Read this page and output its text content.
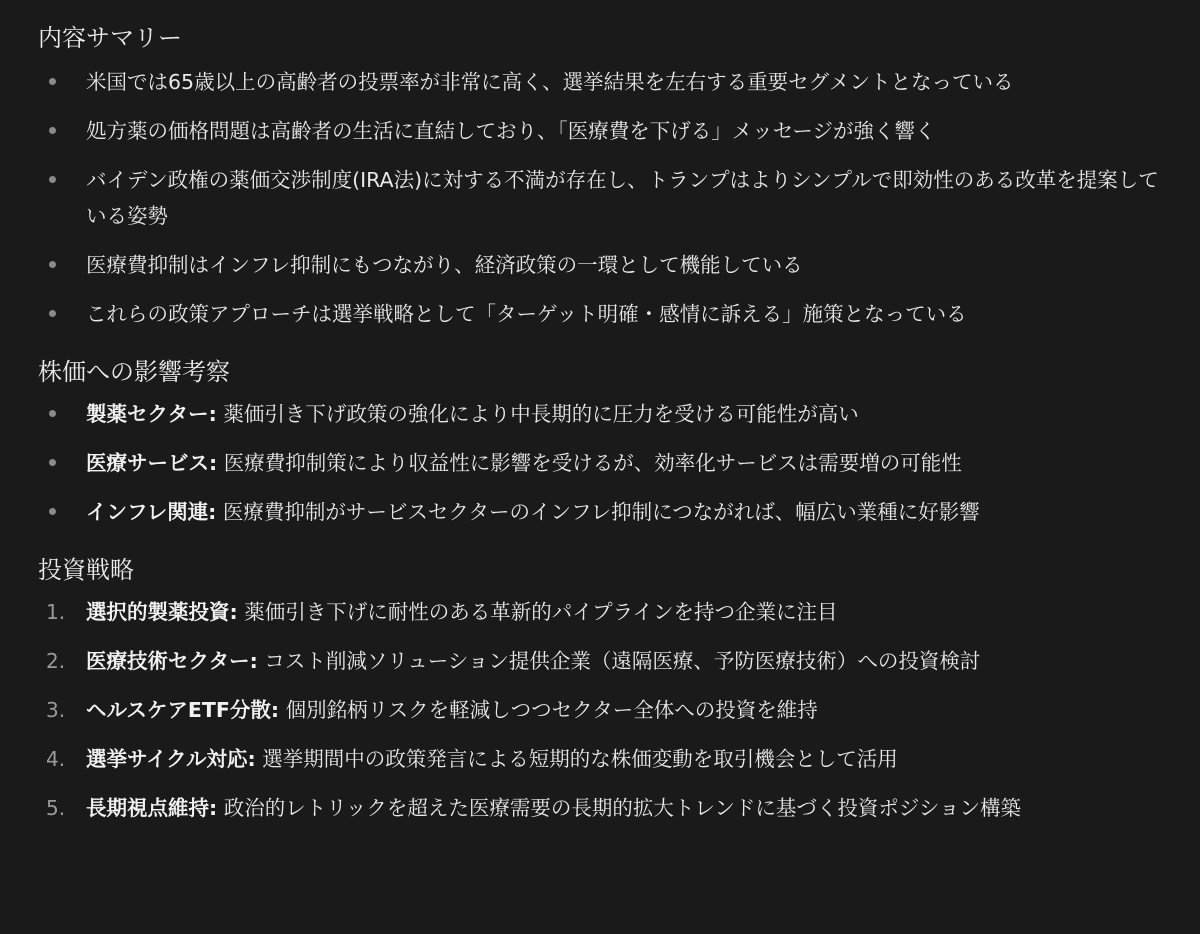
内容サマリー
米国では65歳以上の高齢者の投票率が非常に高く、選挙結果を左右する重要セグメントとなっている
処方薬の価格問題は高齢者の生活に直結しており、「医療費を下げる」メッセージが強く響く
バイデン政権の薬価交渉制度(IRA法)に対する不満が存在し、トランプはよりシンプルで即効性のある改革を提案している姿勢
医療費抑制はインフレ抑制にもつながり、経済政策の一環として機能している
これらの政策アプローチは選挙戦略として「ターゲット明確・感情に訴える」施策となっている
株価への影響考察
製薬セクター: 薬価引き下げ政策の強化により中長期的に圧力を受ける可能性が高い
医療サービス: 医療費抑制策により収益性に影響を受けるが、効率化サービスは需要増の可能性
インフレ関連: 医療費抑制がサービスセクターのインフレ抑制につながれば、幅広い業種に好影響
投資戦略
1.	選択的製薬投資: 薬価引き下げに耐性のある革新的パイプラインを持つ企業に注目
2.	医療技術セクター: コスト削減ソリューション提供企業（遠隔医療、予防医療技術）への投資検討
3.	ヘルスケアETF分散: 個別銘柄リスクを軽減しつつセクター全体への投資を維持
4.	選挙サイクル対応: 選挙期間中の政策発言による短期的な株価変動を取引機会として活用
5.	長期視点維持: 政治的レトリックを超えた医療需要の長期的拡大トレンドに基づく投資ポジション構築
